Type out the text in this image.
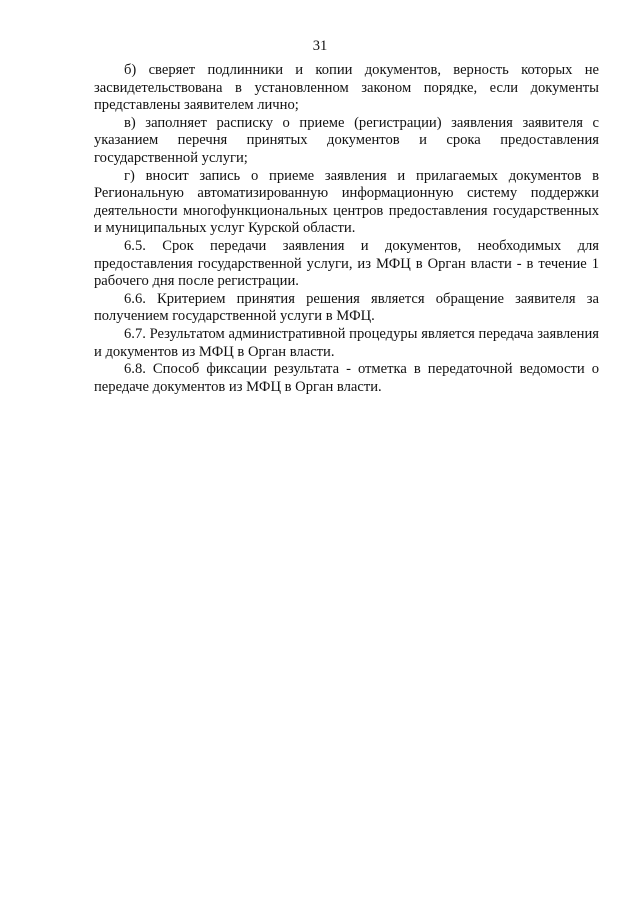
31

б) сверяет подлинники и копии документов, верность которых не засвидетельствована в установленном законом порядке, если документы представлены заявителем лично;

в) заполняет расписку о приеме (регистрации) заявления заявителя с указанием перечня принятых документов и срока предоставления государственной услуги;

г) вносит запись о приеме заявления и прилагаемых документов в Региональную автоматизированную информационную систему поддержки деятельности многофункциональных центров предоставления государственных и муниципальных услуг Курской области.

6.5. Срок передачи заявления и документов, необходимых для предоставления государственной услуги, из МФЦ в Орган власти - в течение 1 рабочего дня после регистрации.

6.6. Критерием принятия решения является обращение заявителя за получением государственной услуги в МФЦ.

6.7. Результатом административной процедуры является передача заявления и документов из МФЦ в Орган власти.

6.8. Способ фиксации результата - отметка в передаточной ведомости о передаче документов из МФЦ в Орган власти.
